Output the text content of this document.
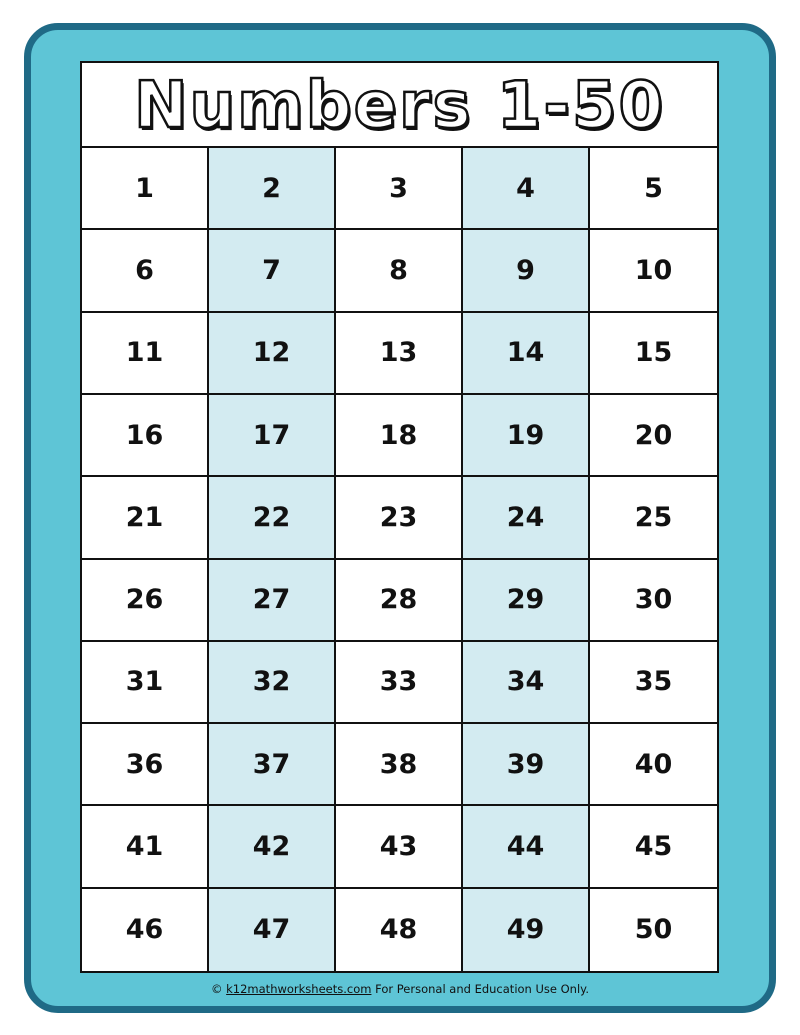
Numbers 1-50
1	2	3	4	5
6	7	8	9	10
11	12	13	14	15
16	17	18	19	20
21	22	23	24	25
26	27	28	29	30
31	32	33	34	35
36	37	38	39	40
41	42	43	44	45
46	47	48	49	50
© k12mathworksheets.com For Personal and Education Use Only.
